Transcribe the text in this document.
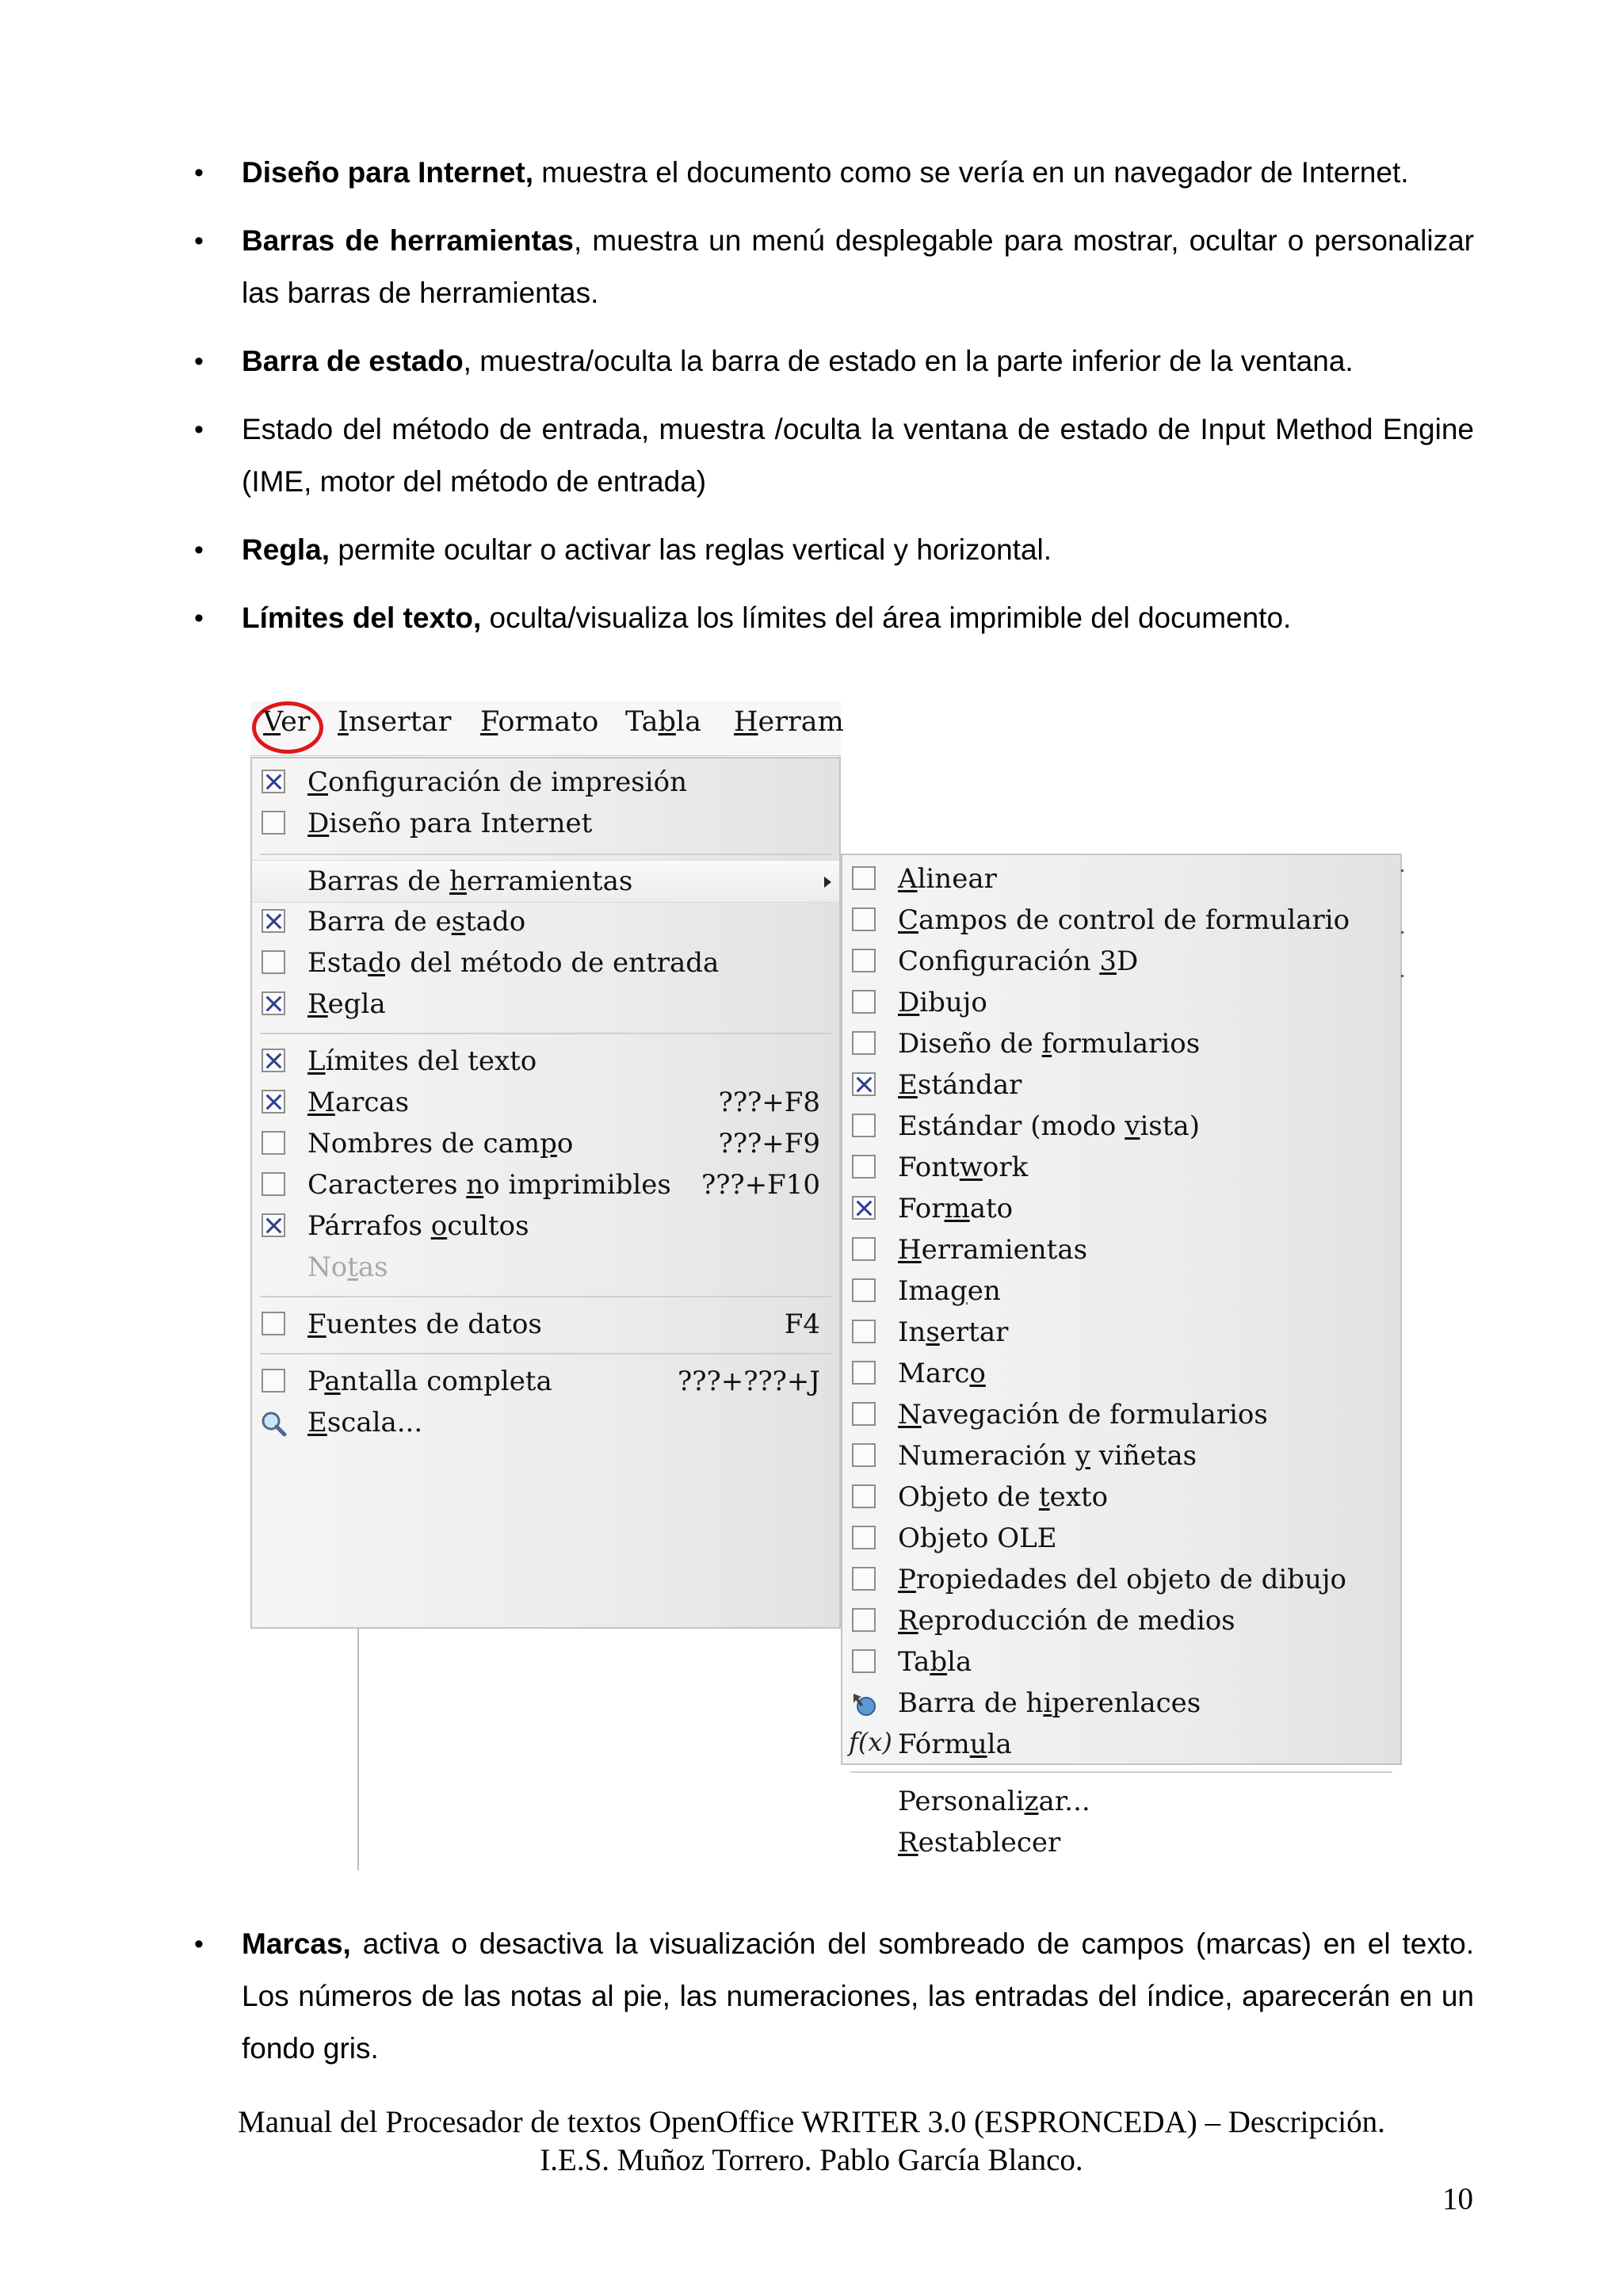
• Diseño para Internet, muestra el documento como se vería en un navegador de Internet.
• Barras de herramientas, muestra un menú desplegable para mostrar, ocultar o personalizar las barras de herramientas.
• Barra de estado, muestra/oculta la barra de estado en la parte inferior de la ventana.
• Estado del método de entrada, muestra /oculta la ventana de estado de Input Method Engine (IME, motor del método de entrada)
• Regla, permite ocultar o activar las reglas vertical y horizontal.
• Límites del texto, oculta/visualiza los límites del área imprimible del documento.
Ver Insertar Formato Tabla Herram
Configuración de impresión
Diseño para Internet
Barras de herramientas
Barra de estado
Estado del método de entrada
Regla
Límites del texto
Marcas	???+F8
Nombres de campo	???+F9
Caracteres no imprimibles ???+F10
Párrafos ocultos
Notas
Fuentes de datos	F4
Pantalla completa	???+???+J
Escala...
Alinear
Campos de control de formulario
Configuración 3D
Dibujo
Diseño de formularios
Estándar
Estándar (modo vista)
Fontwork
Formato
Herramientas
Imagen
Insertar
Marco
Navegación de formularios
Numeración y viñetas
Objeto de texto
Objeto OLE
Propiedades del objeto de dibujo
Reproducción de medios
Tabla
Barra de hiperenlaces
f(x) Fórmula
Personalizar...
Restablecer
• Marcas, activa o desactiva la visualización del sombreado de campos (marcas) en el texto. Los números de las notas al pie, las numeraciones, las entradas del índice, aparecerán en un fondo gris.
Manual del Procesador de textos OpenOffice WRITER 3.0 (ESPRONCEDA) – Descripción.
I.E.S. Muñoz Torrero. Pablo García Blanco.
10
